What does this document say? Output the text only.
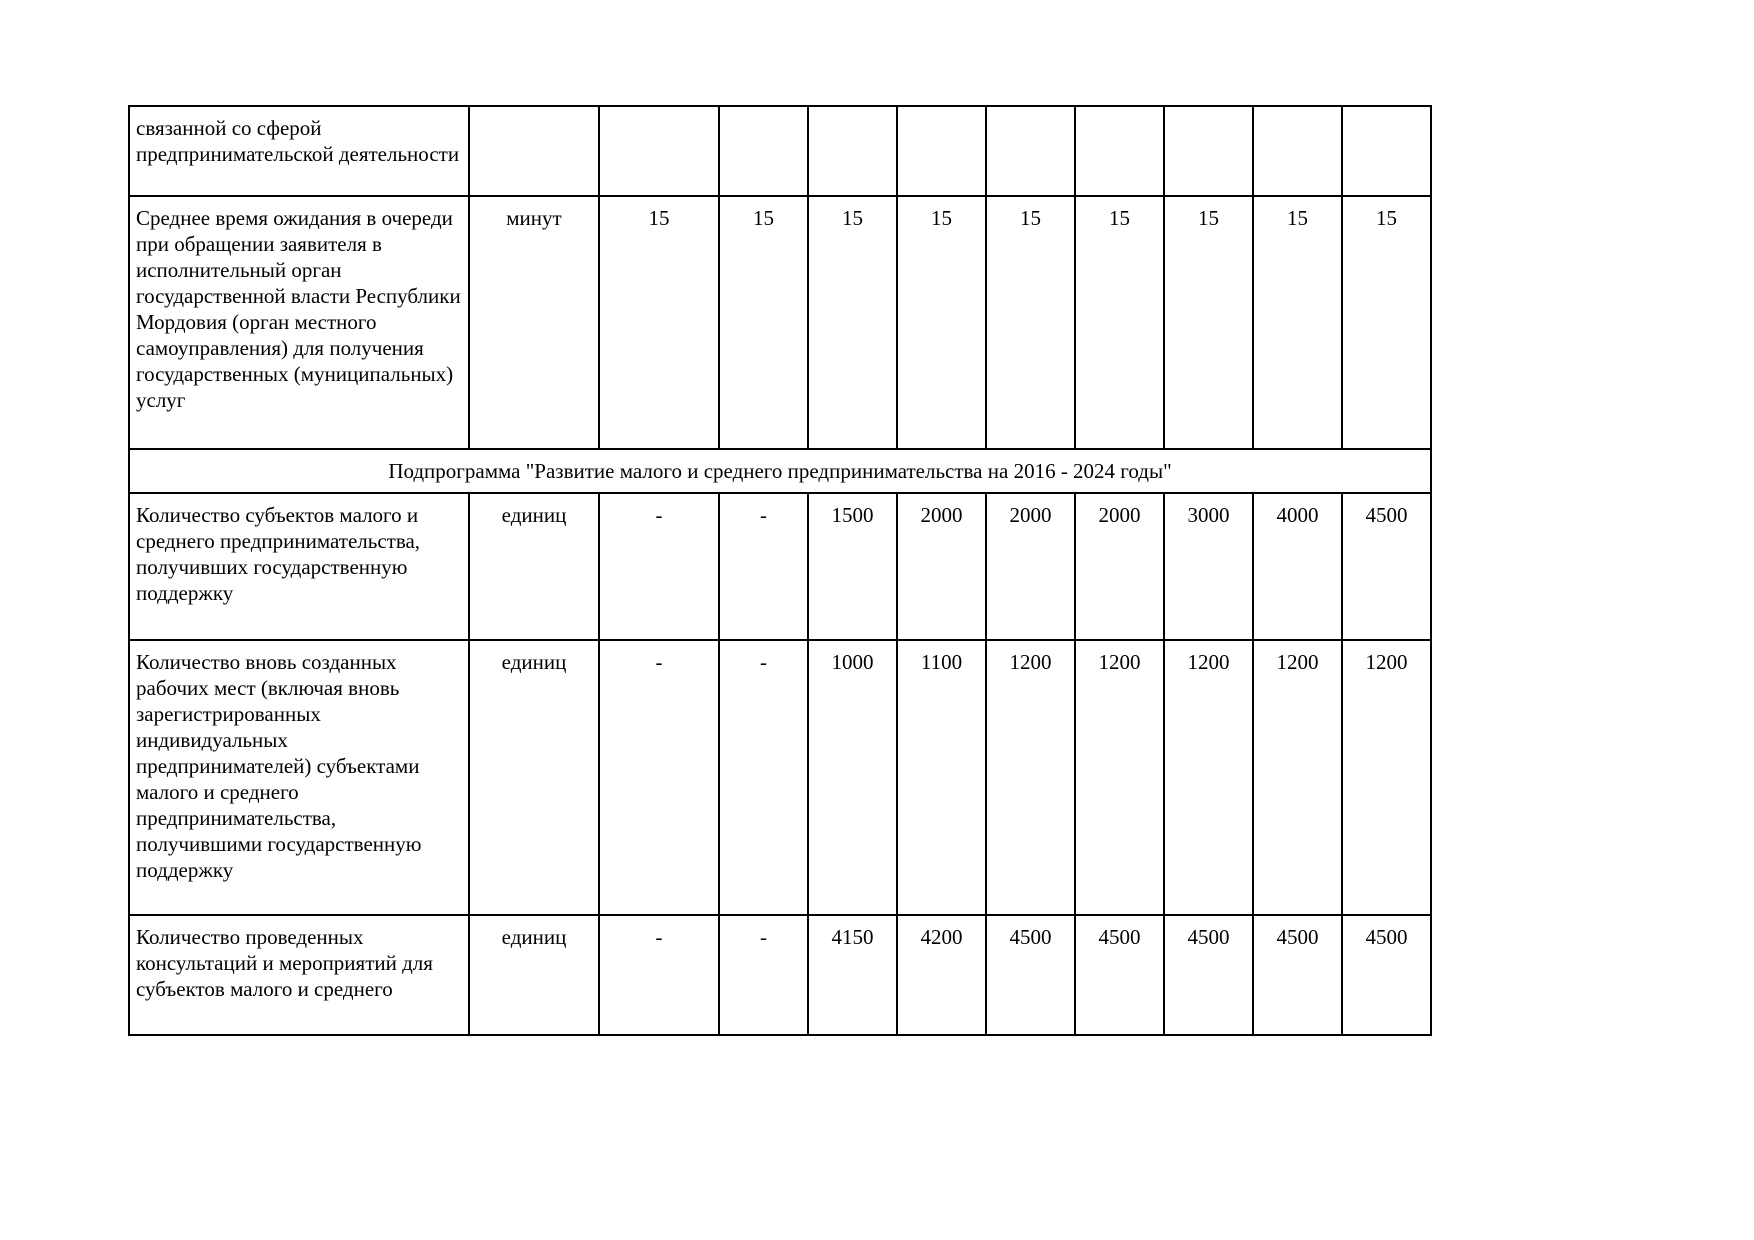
связанной со сферой предпринимательской деятельности										
Среднее время ожидания в очереди при обращении заявителя в исполнительный орган государственной власти Республики Мордовия (орган местного самоуправления) для получения государственных (муниципальных) услуг	минут	15	15	15	15	15	15	15	15	15
Подпрограмма "Развитие малого и среднего предпринимательства на 2016 - 2024 годы"										
Количество субъектов малого и среднего предпринимательства, получивших государственную поддержку	единиц	-	-	1500	2000	2000	2000	3000	4000	4500
Количество вновь созданных рабочих мест (включая вновь зарегистрированных индивидуальных предпринимателей) субъектами малого и среднего предпринимательства, получившими государственную поддержку	единиц	-	-	1000	1100	1200	1200	1200	1200	1200
Количество проведенных консультаций и мероприятий для субъектов малого и среднего	единиц	-	-	4150	4200	4500	4500	4500	4500	4500
